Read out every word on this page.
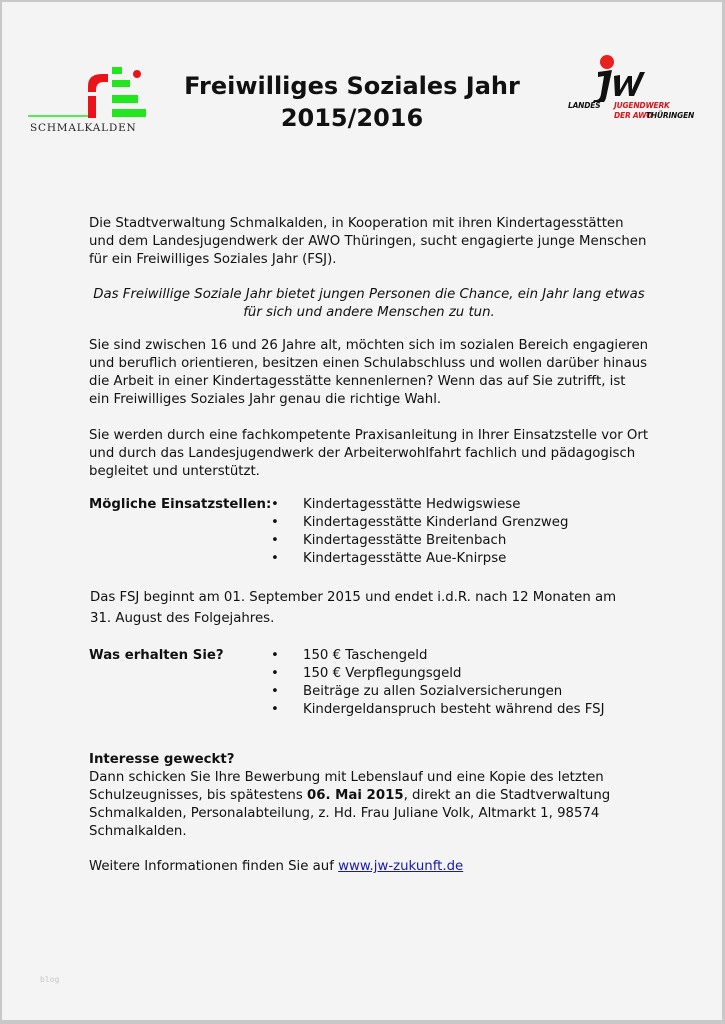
SCHMALKALDEN
Freiwilliges Soziales Jahr
2015/2016	LANDES JUGENDWERK
DER AWO
THÜRINGEN
Die Stadtverwaltung Schmalkalden, in Kooperation mit ihren Kindertagesstätten und dem Landesjugendwerk der AWO Thüringen, sucht engagierte junge Menschen für ein Freiwilliges Soziales Jahr (FSJ).
Das Freiwillige Soziale Jahr bietet jungen Personen die Chance, ein Jahr lang etwas
für sich und andere Menschen zu tun.
Sie sind zwischen 16 und 26 Jahre alt, möchten sich im sozialen Bereich engagieren und beruflich orientieren, besitzen einen Schulabschluss und wollen darüber hinaus die Arbeit in einer Kindertagesstätte kennenlernen? Wenn das auf Sie zutrifft, ist ein Freiwilliges Soziales Jahr genau die richtige Wahl.
Sie werden durch eine fachkompetente Praxisanleitung in Ihrer Einsatzstelle vor Ort und durch das Landesjugendwerk der Arbeiterwohlfahrt fachlich und pädagogisch begleitet und unterstützt.
Mögliche Einsatzstellen: • Kindertagesstätte Hedwigswiese
• Kindertagesstätte Kinderland Grenzweg
• Kindertagesstätte Breitenbach
• Kindertagesstätte Aue-Knirpse
Das FSJ beginnt am 01. September 2015 und endet i.d.R. nach 12 Monaten am
31. August des Folgejahres.
Was erhalten Sie?	• 150 € Taschengeld
• 150 € Verpflegungsgeld
• Beiträge zu allen Sozialversicherungen
• Kindergeldanspruch besteht während des FSJ
Interesse geweckt?
Dann schicken Sie Ihre Bewerbung mit Lebenslauf und eine Kopie des letzten Schulzeugnisses, bis spätestens 06. Mai 2015, direkt an die Stadtverwaltung Schmalkalden, Personalabteilung, z. Hd. Frau Juliane Volk, Altmarkt 1, 98574 Schmalkalden.
Weitere Informationen finden Sie auf www.jw-zukunft.de
blog
